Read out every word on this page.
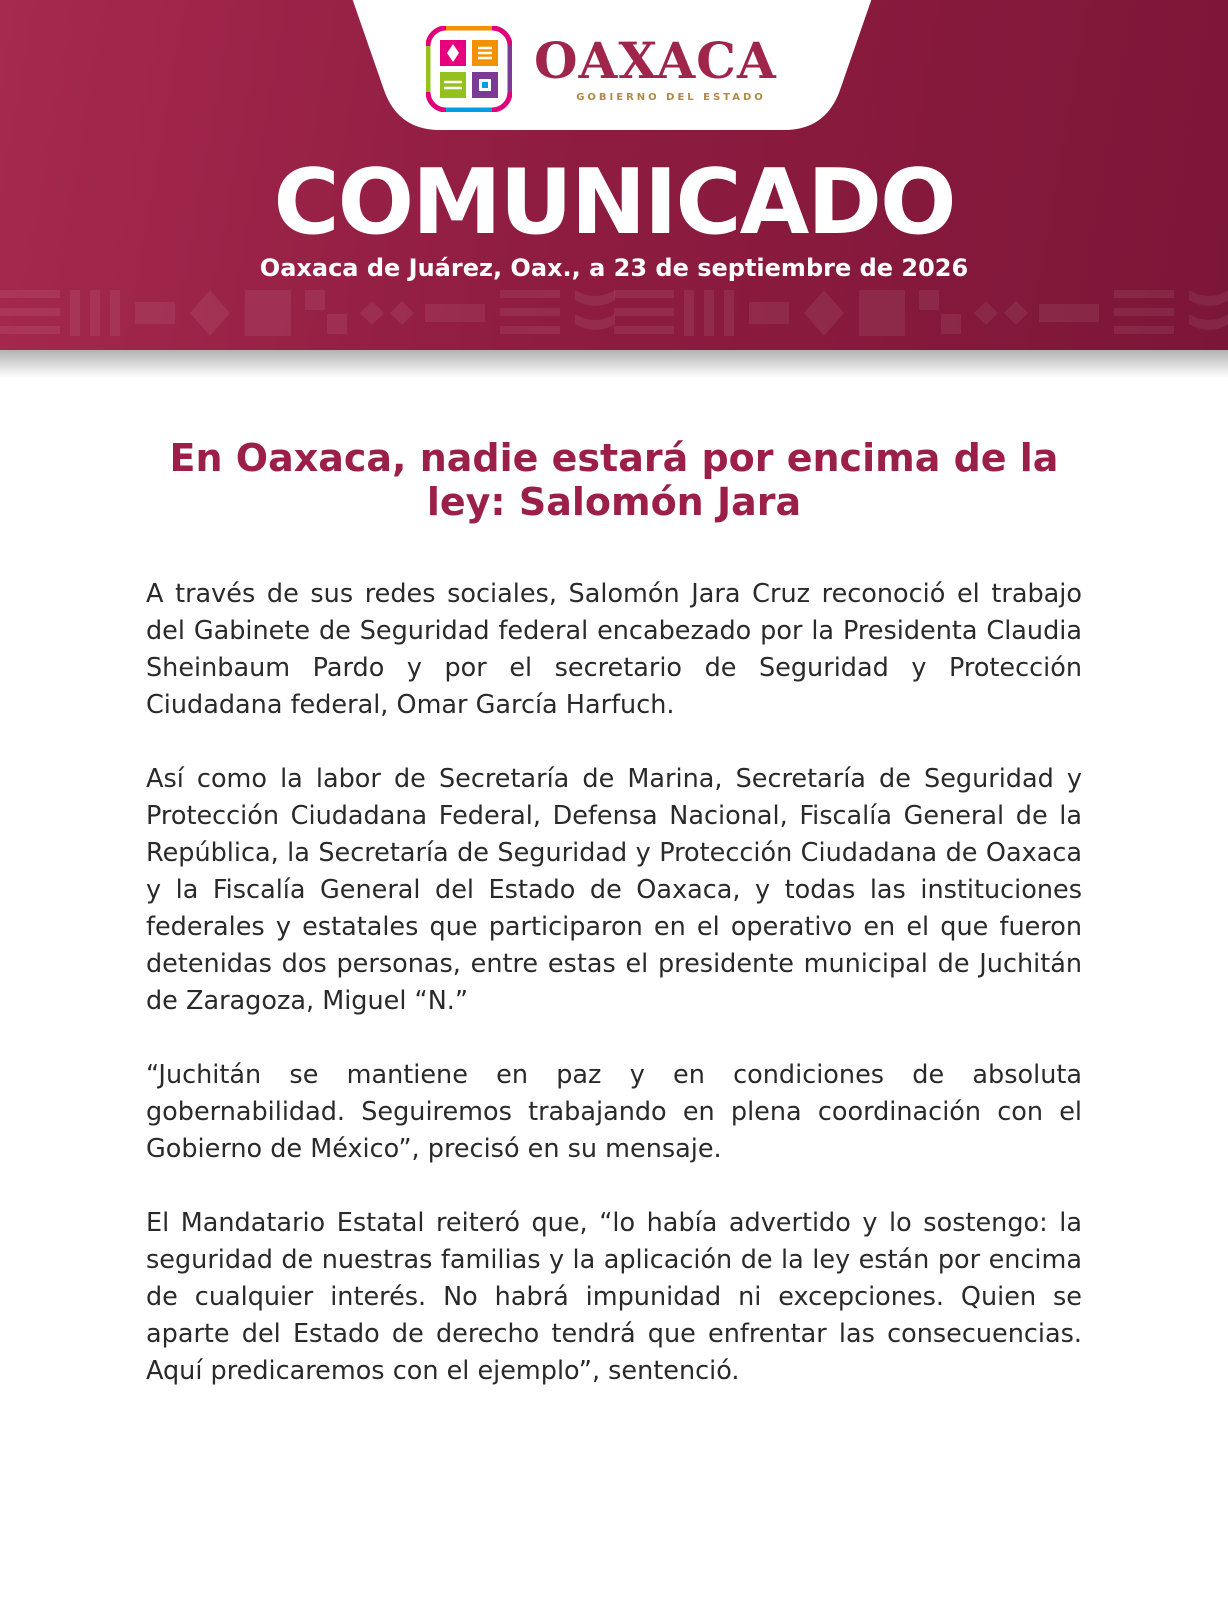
OAXACA
GOBIERNO DEL ESTADO
COMUNICADO
Oaxaca de Juárez, Oax., a 23 de septiembre de 2026
En Oaxaca, nadie estará por encima de la ley: Salomón Jara

A través de sus redes sociales, Salomón Jara Cruz reconoció el trabajo del Gabinete de Seguridad federal encabezado por la Presidenta Claudia Sheinbaum Pardo y por el secretario de Seguridad y Protección Ciudadana federal, Omar García Harfuch.

Así como la labor de Secretaría de Marina, Secretaría de Seguridad y Protección Ciudadana Federal, Defensa Nacional, Fiscalía General de la República, la Secretaría de Seguridad y Protección Ciudadana de Oaxaca y la Fiscalía General del Estado de Oaxaca, y todas las instituciones federales y estatales que participaron en el operativo en el que fueron detenidas dos personas, entre estas el presidente municipal de Juchitán de Zaragoza, Miguel “N.”

“Juchitán se mantiene en paz y en condiciones de absoluta gobernabilidad. Seguiremos trabajando en plena coordinación con el Gobierno de México”, precisó en su mensaje.

El Mandatario Estatal reiteró que, “lo había advertido y lo sostengo: la seguridad de nuestras familias y la aplicación de la ley están por encima de cualquier interés. No habrá impunidad ni excepciones. Quien se aparte del Estado de derecho tendrá que enfrentar las consecuencias. Aquí predicaremos con el ejemplo”, sentenció.
